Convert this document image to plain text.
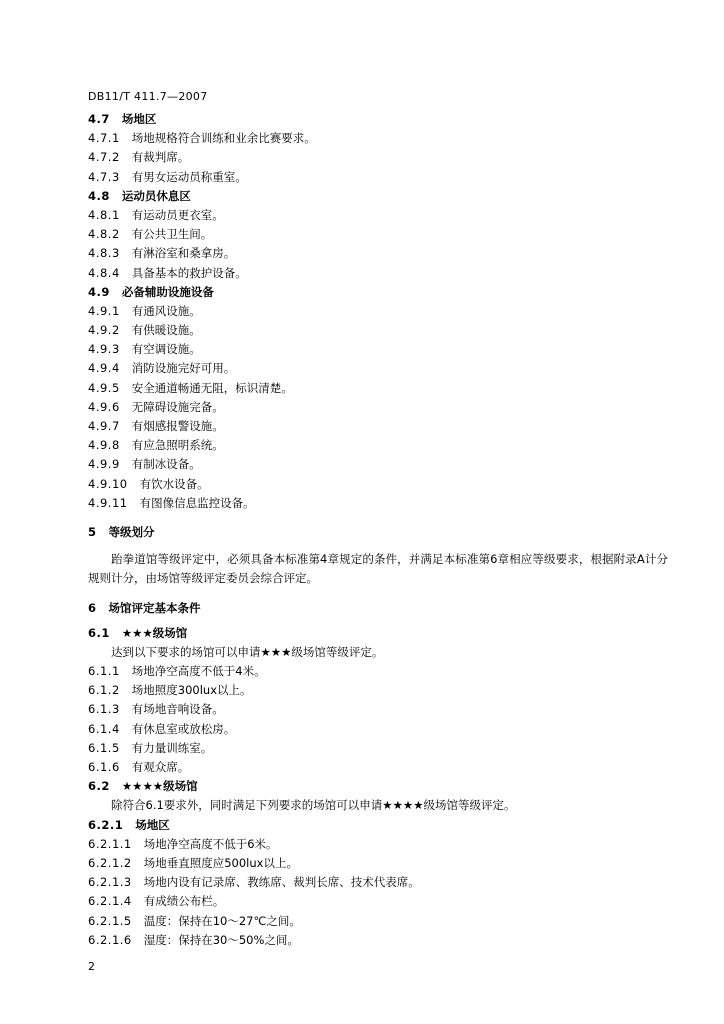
DB11/T 411.7—2007
4.7 场地区
4.7.1 场地规格符合训练和业余比赛要求。
4.7.2 有裁判席。
4.7.3 有男女运动员称重室。
4.8 运动员休息区
4.8.1 有运动员更衣室。
4.8.2 有公共卫生间。
4.8.3 有淋浴室和桑拿房。
4.8.4 具备基本的救护设备。
4.9 必备辅助设施设备
4.9.1 有通风设施。
4.9.2 有供暖设施。
4.9.3 有空调设施。
4.9.4 消防设施完好可用。
4.9.5 安全通道畅通无阻，标识清楚。
4.9.6 无障碍设施完备。
4.9.7 有烟感报警设施。
4.9.8 有应急照明系统。
4.9.9 有制冰设备。
4.9.10 有饮水设备。
4.9.11 有图像信息监控设备。
5 等级划分
跆拳道馆等级评定中，必须具备本标准第4章规定的条件，并满足本标准第6章相应等级要求，根据附录A计分规则计分，由场馆等级评定委员会综合评定。
6 场馆评定基本条件
6.1 ★★★级场馆
达到以下要求的场馆可以申请★★★级场馆等级评定。
6.1.1 场地净空高度不低于4米。
6.1.2 场地照度300lux以上。
6.1.3 有场地音响设备。
6.1.4 有休息室或放松房。
6.1.5 有力量训练室。
6.1.6 有观众席。
6.2 ★★★★级场馆
除符合6.1要求外，同时满足下列要求的场馆可以申请★★★★级场馆等级评定。
6.2.1 场地区
6.2.1.1 场地净空高度不低于6米。
6.2.1.2 场地垂直照度应500lux以上。
6.2.1.3 场地内设有记录席、教练席、裁判长席、技术代表席。
6.2.1.4 有成绩公布栏。
6.2.1.5 温度：保持在10～27℃之间。
6.2.1.6 湿度：保持在30～50%之间。
2
